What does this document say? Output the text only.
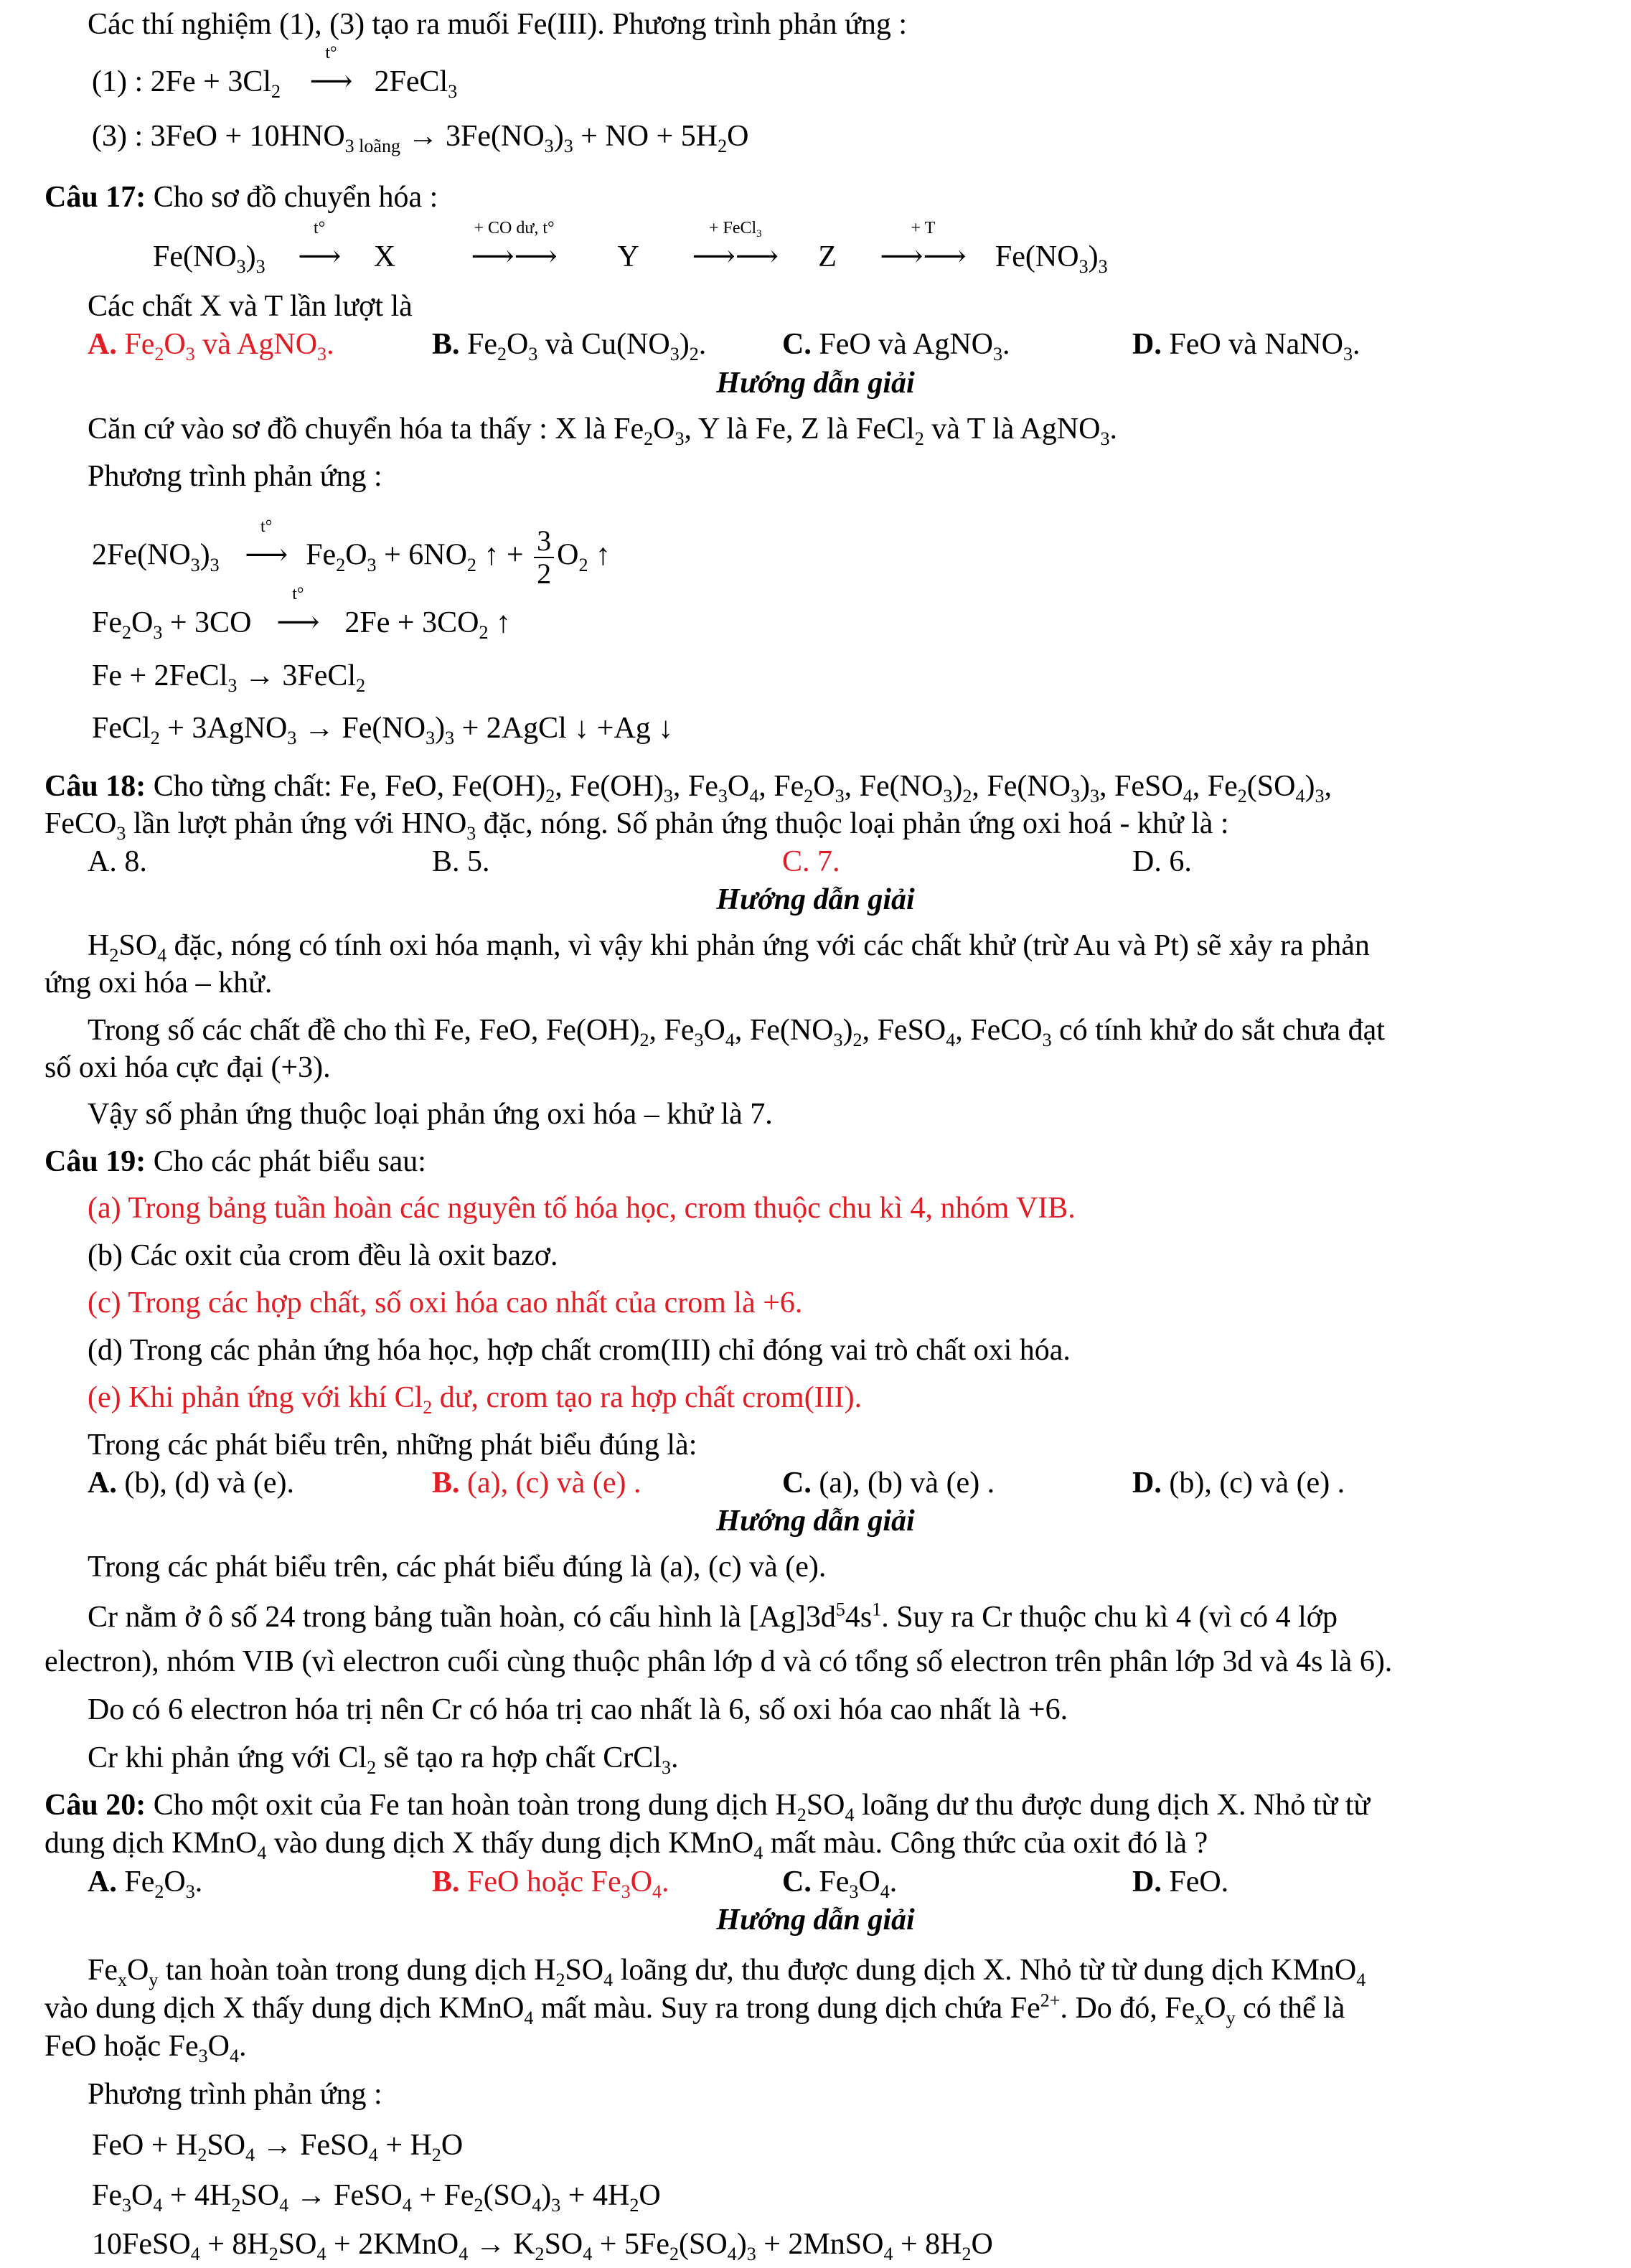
Các thí nghiệm (1), (3) tạo ra muối Fe(III). Phương trình phản ứng :
(1) : $2Fe + 3Cl_2$
t°
⟶ 2FeCl$_3$
(3) : $3FeO + 10HNO_{3 loãng} \to 3Fe(NO_3)_3$ + NO + $5H_2O$
Câu 17: Cho sơ đồ chuyển hóa :
$Fe(NO_3)_3$
t°
⟶ X
+ CO dư, t°
⟶⟶ Y
+ FeCl$_3$
⟶⟶ Z
+ T
⟶⟶ $Fe(NO_3)_3$
Các chất X và T lần lượt là
A. $Fe_2O_3$ và AgNO$_3$.	B. $Fe_2O_3$ và $Cu(NO_3)_2$.	C. FeO và AgNO$_3$.	D. FeO và NaNO$_3$.
Hướng dẫn giải
Căn cứ vào sơ đồ chuyển hóa ta thấy : X là $Fe_2O_3$, Y là Fe, Z là FeCl$_2$ và T là AgNO$_3$.
Phương trình phản ứng :
$2Fe(NO_3)_3$
t°
⟶ $Fe_2O_3 + 6NO_2$ ↑ + $\frac{3}{2} O_2$ ↑
$Fe_2O_3 + 3CO$
t°
⟶ $2Fe + 3CO_2$ ↑
Fe + 2FeCl$_3$ → 3FeCl$_2$
FeCl$_2$ + 3AgNO$_3$ → $Fe(NO_3)_3$ + 2AgCl ↓ +Ag ↓
Câu 18: Cho từng chất: Fe, FeO, $Fe(OH)_2$, $Fe(OH)_3$, $Fe_3O_4$, $Fe_2O_3$, $Fe(NO_3)_2$, $Fe(NO_3)_3$, FeSO$_4$, $Fe_2(SO_4)_3$,
FeCO$_3$ lần lượt phản ứng với $HNO_3$ đặc, nóng. Số phản ứng thuộc loại phản ứng oxi hoá - khử là :
A. 8.	B. 5.	C. 7.	D. 6.
Hướng dẫn giải
$H_2SO_4$ đặc, nóng có tính oxi hóa mạnh, vì vậy khi phản ứng với các chất khử (trừ Au và Pt) sẽ xảy ra phản
ứng oxi hóa – khử.
Trong số các chất đề cho thì Fe, FeO, $Fe(OH)_2$, $Fe_3O_4$, $Fe(NO_3)_2$, FeSO$_4$, FeCO$_3$ có tính khử do sắt chưa đạt
số oxi hóa cực đại (+3).
Vậy số phản ứng thuộc loại phản ứng oxi hóa – khử là 7.
Câu 19: Cho các phát biểu sau:
(a) Trong bảng tuần hoàn các nguyên tố hóa học, crom thuộc chu kì 4, nhóm VIB.
(b) Các oxit của crom đều là oxit bazơ.
(c) Trong các hợp chất, số oxi hóa cao nhất của crom là +6.
(d) Trong các phản ứng hóa học, hợp chất crom(III) chỉ đóng vai trò chất oxi hóa.
(e) Khi phản ứng với khí $Cl_2$ dư, crom tạo ra hợp chất crom(III).
Trong các phát biểu trên, những phát biểu đúng là:
A. (b), (d) và (e).	B. (a), (c) và (e) .	C. (a), (b) và (e) .	D. (b), (c) và (e) .
Hướng dẫn giải
Trong các phát biểu trên, các phát biểu đúng là (a), (c) và (e).
Cr nằm ở ô số 24 trong bảng tuần hoàn, có cấu hình là $[Ag]3d^54s^1$. Suy ra Cr thuộc chu kì 4 (vì có 4 lớp
electron), nhóm VIB (vì electron cuối cùng thuộc phân lớp d và có tổng số electron trên phân lớp 3d và 4s là 6).
Do có 6 electron hóa trị nên Cr có hóa trị cao nhất là 6, số oxi hóa cao nhất là +6.
Cr khi phản ứng với $Cl_2$ sẽ tạo ra hợp chất CrCl$_3$.
Câu 20: Cho một oxit của Fe tan hoàn toàn trong dung dịch $H_2SO_4$ loãng dư thu được dung dịch X. Nhỏ từ từ
dung dịch KMnO$_4$ vào dung dịch X thấy dung dịch KMnO$_4$ mất màu. Công thức của oxit đó là ?
A. $Fe_2O_3$.	B. FeO hoặc $Fe_3O_4$.	C. $Fe_3O_4$.	D. FeO.
Hướng dẫn giải
$Fe_xO_y$ tan hoàn toàn trong dung dịch $H_2SO_4$ loãng dư, thu được dung dịch X. Nhỏ từ từ dung dịch KMnO$_4$
vào dung dịch X thấy dung dịch KMnO$_4$ mất màu. Suy ra trong dung dịch chứa $Fe^{2+}$. Do đó, $Fe_xO_y$ có thể là
FeO hoặc $Fe_3O_4$.
Phương trình phản ứng :
FeO + $H_2SO_4$ → FeSO$_4$ + $H_2O$
$Fe_3O_4 + 4H_2SO_4$ → FeSO$_4$ + $Fe_2(SO_4)_3 + 4H_2O$
10FeSO$_4$ + $8H_2SO_4$ + 2KMnO$_4$ → $K_2SO_4 + 5Fe_2(SO_4)_3$ + 2MnSO$_4$ + $8H_2O$
